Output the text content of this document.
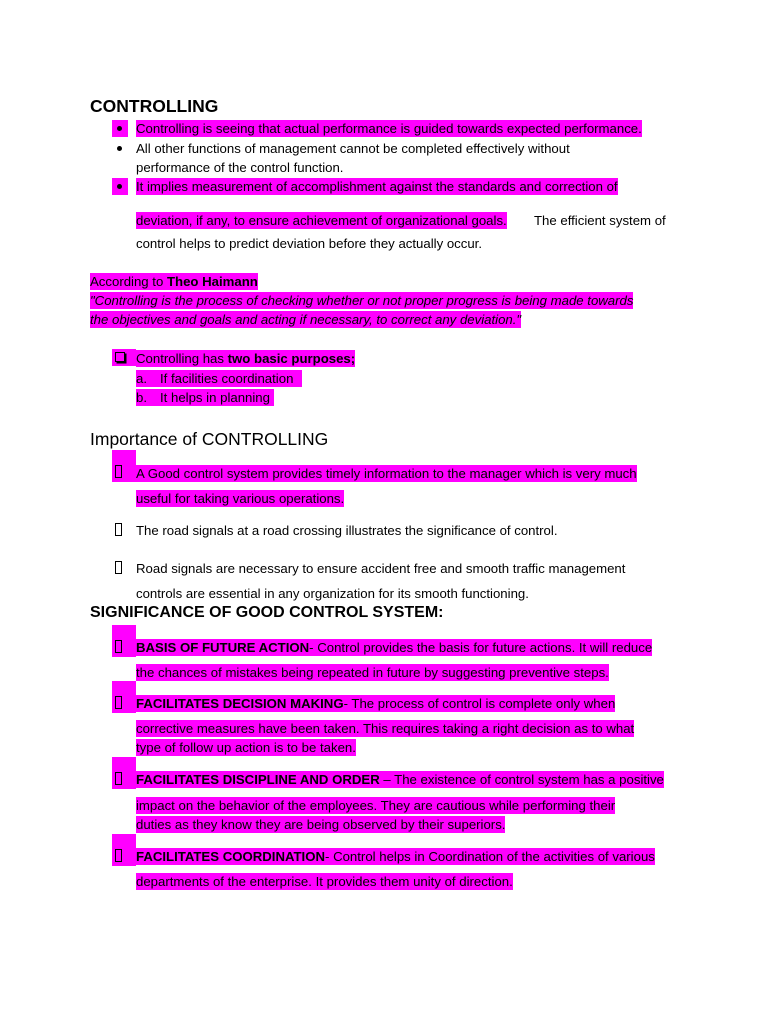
CONTROLLING
Controlling is seeing that actual performance is guided towards expected performance.
All other functions of management cannot be completed effectively without
performance of the control function.
It implies measurement of accomplishment against the standards and correction of
deviation, if any, to ensure achievement of organizational goals. The efficient system of
control helps to predict deviation before they actually occur.
According to Theo Haimann
"Controlling is the process of checking whether or not proper progress is being made towards
the objectives and goals and acting if necessary, to correct any deviation."
Controlling has two basic purposes;
a. If facilities coordination
b. It helps in planning
Importance of CONTROLLING
A Good control system provides timely information to the manager which is very much
useful for taking various operations.
The road signals at a road crossing illustrates the significance of control.
Road signals are necessary to ensure accident free and smooth traffic management
controls are essential in any organization for its smooth functioning.
SIGNIFICANCE OF GOOD CONTROL SYSTEM:
BASIS OF FUTURE ACTION- Control provides the basis for future actions. It will reduce
the chances of mistakes being repeated in future by suggesting preventive steps.
FACILITATES DECISION MAKING- The process of control is complete only when
corrective measures have been taken. This requires taking a right decision as to what
type of follow up action is to be taken.
FACILITATES DISCIPLINE AND ORDER – The existence of control system has a positive
impact on the behavior of the employees. They are cautious while performing their
duties as they know they are being observed by their superiors.
FACILITATES COORDINATION- Control helps in Coordination of the activities of various
departments of the enterprise. It provides them unity of direction.
